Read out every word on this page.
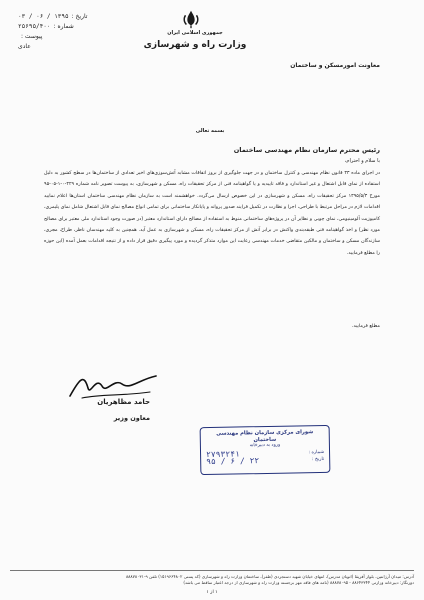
جمهوری اسلامی ایران
وزارت راه و شهرسازی
معاونت امورمسکن و ساختمان
تاریخ :
۱۳۹۵ / ۰۶ / ۰۳
شماره :
۲۵۶۹۵/۴۰۰
پیوست :
عادی
بسمه تعالی
رئیس محترم سازمان نظام مهندسی ساختمان
با سلام و احترام،

در اجرای ماده ۳۳ قانون نظام مهندسی و کنترل ساختمان و در جهت جلوگیری از بروز اتفاقات مشابه آتش‌سوزی‌های اخیر تعدادی از ساختمان‌ها در سطح کشور به دلیل استفاده از نمای قابل اشتعال و غیر استاندارد و فاقد تاییدیه و یا گواهینامه فنی از مرکز تحقیقات راه، مسکن و شهرسازی، به پیوست تصویر نامه شماره ۴۲۹-۰-۱-۰۵-۹۵ مورخ ۱۳۹۵/۵/۳ مرکز تحقیقات راه، مسکن و شهرسازی در این خصوص ارسال می‌گردد. خواهشمند است به سازمان نظام مهندسی ساختمان استان‌ها اعلام نمایید اقدامات لازم در مراحل مرتبط با طراحی، اجرا و نظارت در تکمیل فرایند صدور پروانه و پایانکار ساختمانی برای تمامی انواع مصالح نمای قابل اشتعال شامل نمای پلیمری، کامپوزیت آلومینیومی، نمای چوبی و نظایر آن در پروژه‌های ساختمانی منوط به استفاده از مصالح دارای استاندارد معتبر (در صورت وجود استاندارد ملی معتبر برای مصالح مورد نظر) و اخذ گواهینامه فنی طبقه‌بندی واکنش در برابر آتش از مرکز تحقیقات راه، مسکن و شهرسازی به عمل آید. همچنین به کلیه مهندسان ناظر، طراح، مجری، سازندگان مسکن و ساختمان و مالکین متقاضی خدمات مهندسی رعایت این موارد متذکر گردیده و مورد پیگیری دقیق قرار داده و از نتیجه اقدامات بعمل آمده (این حوزه را مطلع فرمایید.

مطلع فرمایید.
حامد مظاهریان
معاون وزیر
شورای مرکزی سازمان نظام مهندسی ساختمان
ورود به دبیرخانه
شماره :
۲۷۹۳۲۴۱
تاریخ :
۲۲ / ۶ / ۹۵
آدرس: میدان آرژانتین، بلوار آفریقا (اتوبان مدرس)، انتهای خیابان شهید دستجردی (ظفر)، ساختمان وزارت راه و شهرسازی (کد پستی ۱۵۱۹۶۶۴۸۰۲) تلفن ۹-۸۸۸۷۸۰۳۱
دورنگار: دبیرخانه وزارتی ۸۸۶۴۳۳۴۴ - ۸۸۸۷۸۰۹۵ (نامه های فاقد مهر برجسته وزارت راه و شهرسازی از درجه اعتبار ساقط می باشد)
۱ از ۱
